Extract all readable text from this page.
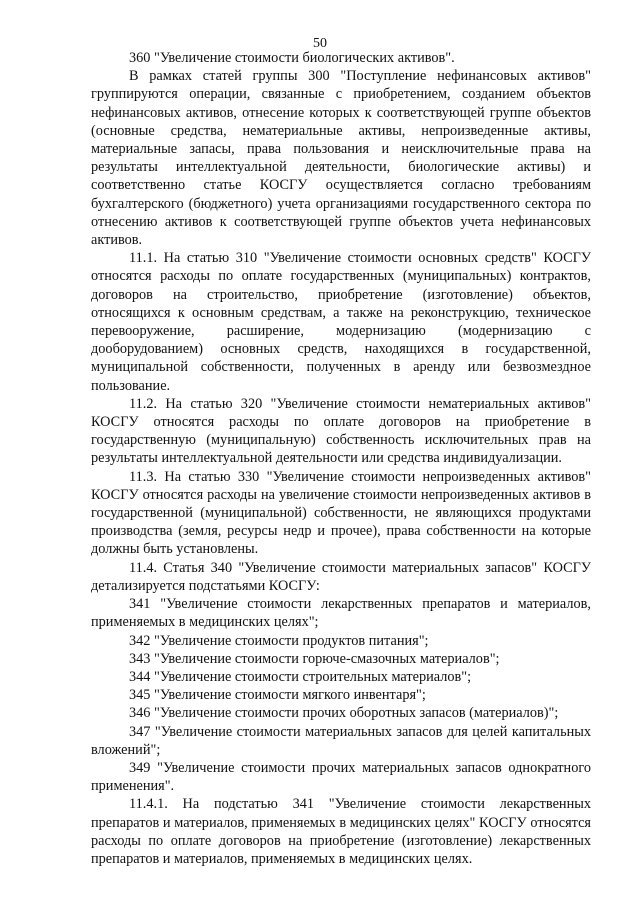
50

360 "Увеличение стоимости биологических активов".

В рамках статей группы 300 "Поступление нефинансовых активов" группируются операции, связанные с приобретением, созданием объектов нефинансовых активов, отнесение которых к соответствующей группе объектов (основные средства, нематериальные активы, непроизведенные активы, материальные запасы, права пользования и неисключительные права на результаты интеллектуальной деятельности, биологические активы) и соответственно статье КОСГУ осуществляется согласно требованиям бухгалтерского (бюджетного) учета организациями государственного сектора по отнесению активов к соответствующей группе объектов учета нефинансовых активов.

11.1. На статью 310 "Увеличение стоимости основных средств" КОСГУ относятся расходы по оплате государственных (муниципальных) контрактов, договоров на строительство, приобретение (изготовление) объектов, относящихся к основным средствам, а также на реконструкцию, техническое перевооружение, расширение, модернизацию (модернизацию с дооборудованием) основных средств, находящихся в государственной, муниципальной собственности, полученных в аренду или безвозмездное пользование.

11.2. На статью 320 "Увеличение стоимости нематериальных активов" КОСГУ относятся расходы по оплате договоров на приобретение в государственную (муниципальную) собственность исключительных прав на результаты интеллектуальной деятельности или средства индивидуализации.

11.3. На статью 330 "Увеличение стоимости непроизведенных активов" КОСГУ относятся расходы на увеличение стоимости непроизведенных активов в государственной (муниципальной) собственности, не являющихся продуктами производства (земля, ресурсы недр и прочее), права собственности на которые должны быть установлены.

11.4. Статья 340 "Увеличение стоимости материальных запасов" КОСГУ детализируется подстатьями КОСГУ:

341 "Увеличение стоимости лекарственных препаратов и материалов, применяемых в медицинских целях";

342 "Увеличение стоимости продуктов питания";

343 "Увеличение стоимости горюче-смазочных материалов";

344 "Увеличение стоимости строительных материалов";

345 "Увеличение стоимости мягкого инвентаря";

346 "Увеличение стоимости прочих оборотных запасов (материалов)";

347 "Увеличение стоимости материальных запасов для целей капитальных вложений";

349 "Увеличение стоимости прочих материальных запасов однократного применения".

11.4.1. На подстатью 341 "Увеличение стоимости лекарственных препаратов и материалов, применяемых в медицинских целях" КОСГУ относятся расходы по оплате договоров на приобретение (изготовление) лекарственных препаратов и материалов, применяемых в медицинских целях.
